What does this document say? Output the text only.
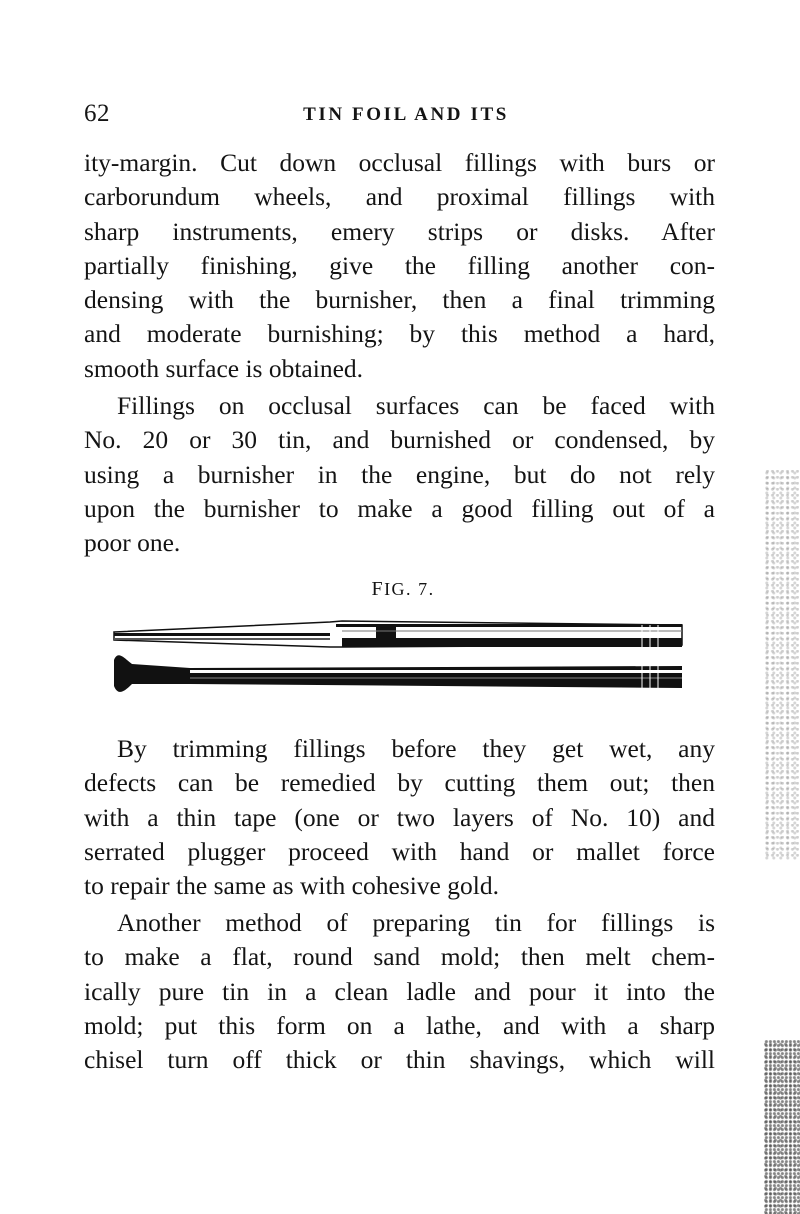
62	TIN FOIL AND ITS
ity-margin. Cut down occlusal fillings with burs or
carborundum wheels, and proximal fillings with
sharp instruments, emery strips or disks. After
partially finishing, give the filling another con-
densing with the burnisher, then a final trimming
and moderate burnishing; by this method a hard,
smooth surface is obtained.
Fillings on occlusal surfaces can be faced with
No. 20 or 30 tin, and burnished or condensed, by
using a burnisher in the engine, but do not rely
upon the burnisher to make a good filling out of a
poor one.
FIG. 7.
By trimming fillings before they get wet, any
defects can be remedied by cutting them out; then
with a thin tape (one or two layers of No. 10) and
serrated plugger proceed with hand or mallet force
to repair the same as with cohesive gold.
Another method of preparing tin for fillings is
to make a flat, round sand mold; then melt chem-
ically pure tin in a clean ladle and pour it into the
mold; put this form on a lathe, and with a sharp
chisel turn off thick or thin shavings, which will
